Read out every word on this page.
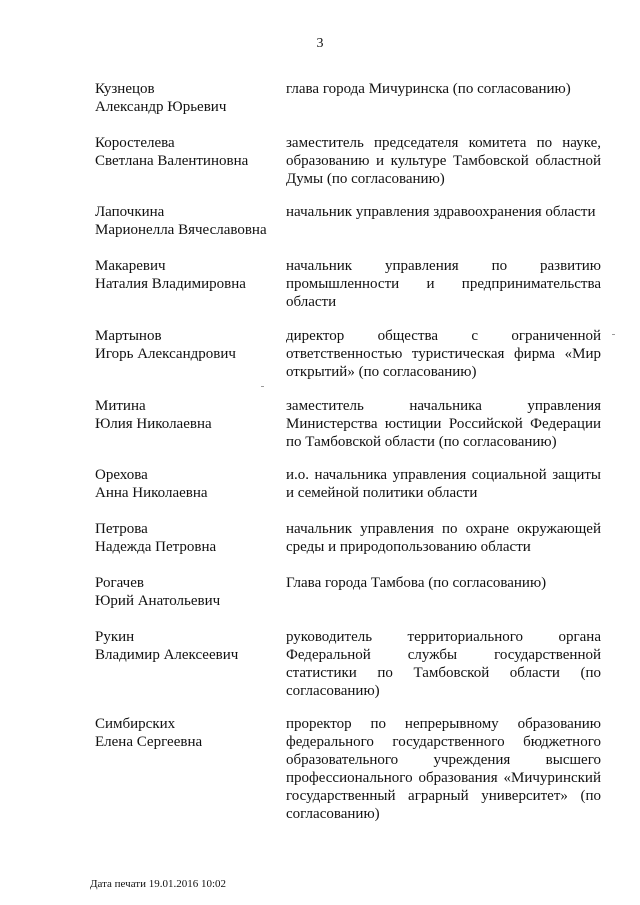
3
Кузнецов
Александр Юрьевич
глава города Мичуринска (по согласованию)
Коростелева
Светлана Валентиновна
заместитель председателя комитета по науке, образованию и культуре Тамбовской областной Думы (по согласованию)
Лапочкина
Марионелла Вячеславовна
начальник управления здравоохранения области
Макаревич
Наталия Владимировна
начальник управления по развитию промышленности и предпринимательства области
Мартынов
Игорь Александрович
директор общества с ограниченной ответственностью туристическая фирма «Мир открытий» (по согласованию)
Митина
Юлия Николаевна
заместитель начальника управления Министерства юстиции Российской Федерации по Тамбовской области (по согласованию)
Орехова
Анна Николаевна
и.о. начальника управления социальной защиты и семейной политики области
Петрова
Надежда Петровна
начальник управления по охране окружающей среды и природопользованию области
Рогачев
Юрий Анатольевич
Глава города Тамбова (по согласованию)
Рукин
Владимир Алексеевич
руководитель территориального органа Федеральной службы государственной статистики по Тамбовской области (по согласованию)
Симбирских
Елена Сергеевна
проректор по непрерывному образованию федерального государственного бюджетного образовательного учреждения высшего профессионального образования «Мичуринский государственный аграрный университет» (по согласованию)
Дата печати 19.01.2016 10:02
